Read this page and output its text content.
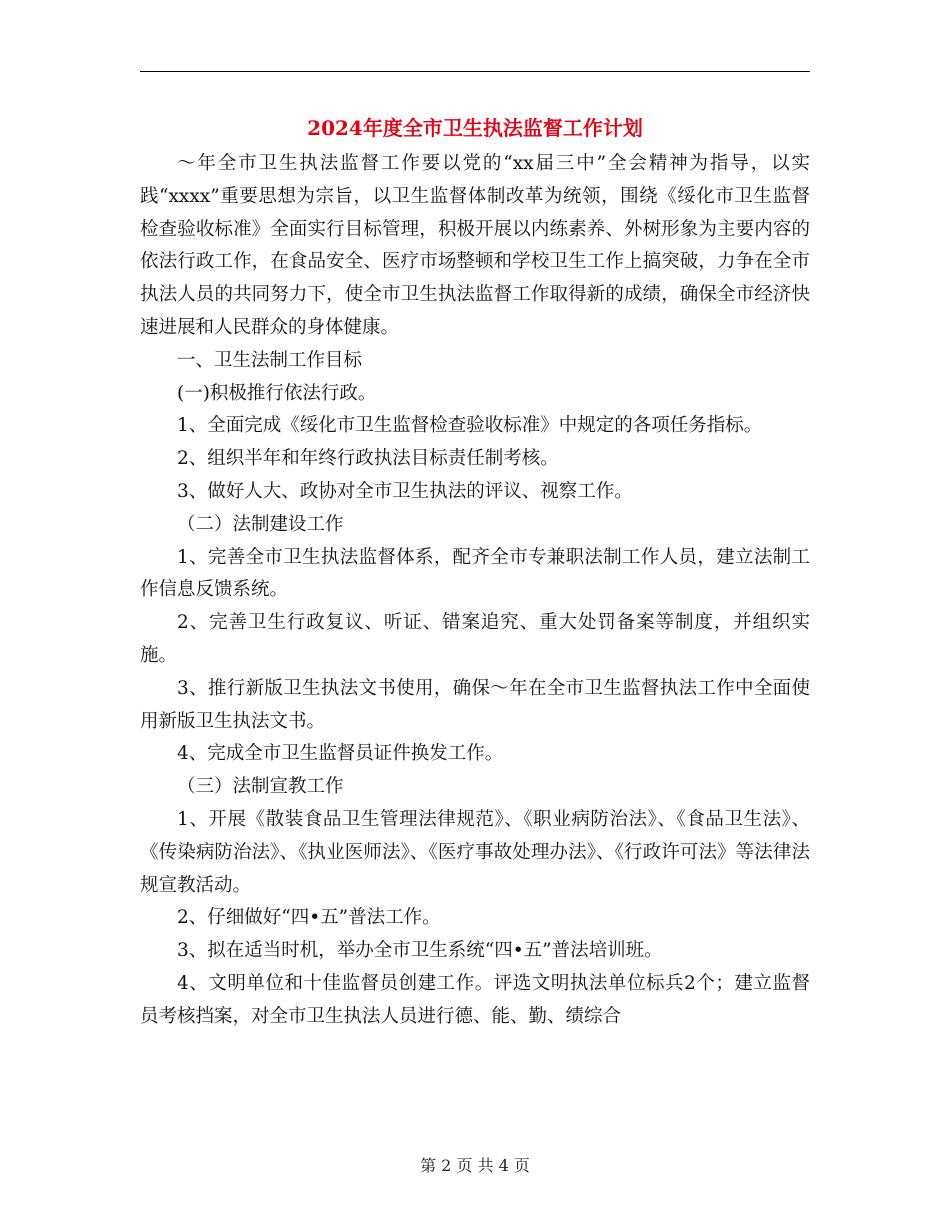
2024年度全市卫生执法监督工作计划

～年全市卫生执法监督工作要以党的“xx届三中”全会精神为指导，以实践“xxxx”重要思想为宗旨，以卫生监督体制改革为统领，围绕《绥化市卫生监督检查验收标准》全面实行目标管理，积极开展以内练素养、外树形象为主要内容的依法行政工作，在食品安全、医疗市场整顿和学校卫生工作上搞突破，力争在全市执法人员的共同努力下，使全市卫生执法监督工作取得新的成绩，确保全市经济快速进展和人民群众的身体健康。

一、卫生法制工作目标

(一)积极推行依法行政。

1、全面完成《绥化市卫生监督检查验收标准》中规定的各项任务指标。

2、组织半年和年终行政执法目标责任制考核。

3、做好人大、政协对全市卫生执法的评议、视察工作。

（二）法制建设工作

1、完善全市卫生执法监督体系，配齐全市专兼职法制工作人员，建立法制工作信息反馈系统。

2、完善卫生行政复议、听证、错案追究、重大处罚备案等制度，并组织实施。

3、推行新版卫生执法文书使用，确保～年在全市卫生监督执法工作中全面使用新版卫生执法文书。

4、完成全市卫生监督员证件换发工作。

（三）法制宣教工作

1、开展《散装食品卫生管理法律规范》、《职业病防治法》、《食品卫生法》、《传染病防治法》、《执业医师法》、《医疗事故处理办法》、《行政许可法》等法律法规宣教活动。

2、仔细做好“四•五”普法工作。

3、拟在适当时机，举办全市卫生系统“四•五”普法培训班。

4、文明单位和十佳监督员创建工作。评选文明执法单位标兵2个；建立监督员考核挡案，对全市卫生执法人员进行德、能、勤、绩综合

第 2 页 共 4 页
